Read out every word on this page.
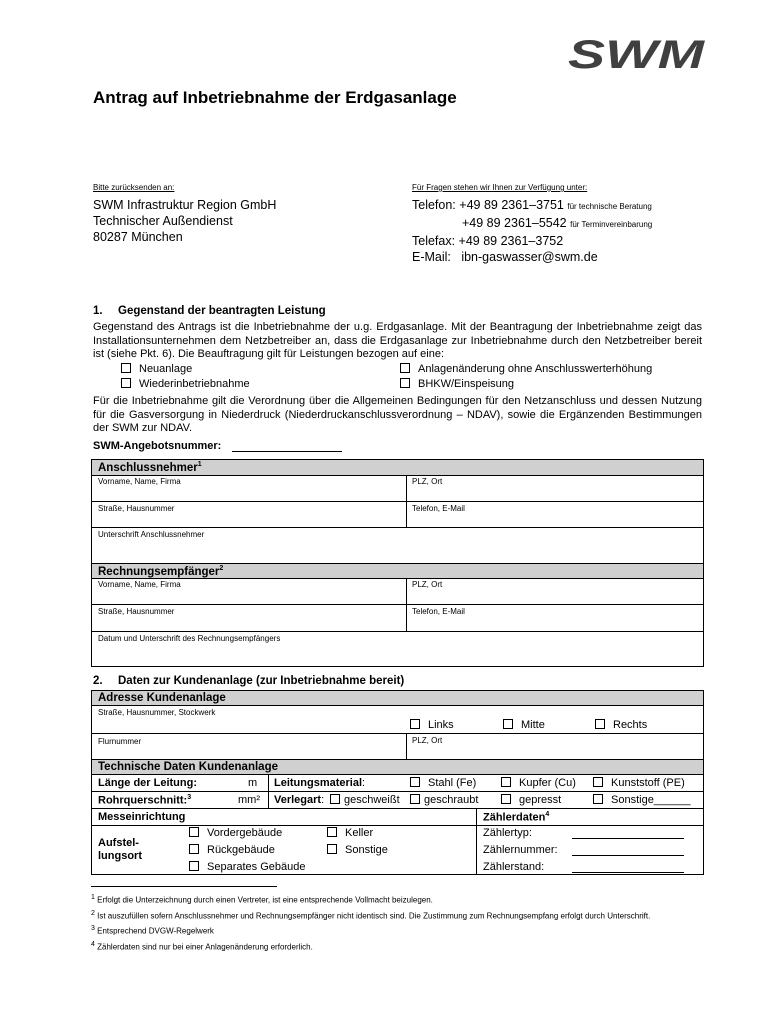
SWM
Antrag auf Inbetriebnahme der Erdgasanlage
Bitte zurücksenden an:	Für Fragen stehen wir Ihnen zur Verfügung unter:
SWM Infrastruktur Region GmbH
Technischer Außendienst
80287 München
Telefon: +49 89 2361–3751 für technische Beratung
+49 89 2361–5542 für Terminvereinbarung
Telefax: +49 89 2361–3752
E-Mail: ibn-gaswasser@swm.de
1. Gegenstand der beantragten Leistung
Gegenstand des Antrags ist die Inbetriebnahme der u.g. Erdgasanlage. Mit der Beantragung der Inbetriebnahme zeigt das Installationsunternehmen dem Netzbetreiber an, dass die Erdgasanlage zur Inbetriebnahme durch den Netzbetreiber bereit ist (siehe Pkt. 6). Die Beauftragung gilt für Leistungen bezogen auf eine:
Neuanlage	Anlagenänderung ohne Anschlusswerterhöhung
Wiederinbetriebnahme	BHKW/Einspeisung
Für die Inbetriebnahme gilt die Verordnung über die Allgemeinen Bedingungen für den Netzanschluss und dessen Nutzung für die Gasversorgung in Niederdruck (Niederdruckanschlussverordnung – NDAV), sowie die Ergänzenden Bestimmungen der SWM zur NDAV.
SWM-Angebotsnummer:
Anschlussnehmer$^1$
Vorname, Name, Firma	PLZ, Ort
Straße, Hausnummer	Telefon, E-Mail
Unterschrift Anschlussnehmer
Rechnungsempfänger$^2$
Vorname, Name, Firma	PLZ, Ort
Straße, Hausnummer	Telefon, E-Mail
Datum und Unterschrift des Rechnungsempfängers
2. Daten zur Kundenanlage (zur Inbetriebnahme bereit)
Adresse Kundenanlage
Straße, Hausnummer, Stockwerk
Links	Mitte	Rechts
Flurnummer	PLZ, Ort
Technische Daten Kundenanlage
Länge der Leitung:	m Leitungsmaterial:	Stahl (Fe)	Kupfer (Cu)	Kunststoff (PE)
Rohrquerschnitt:$^3$	mm² Verlegart:	geschweißt	geschraubt	gepresst	Sonstige______
Messeinrichtung	Zählerdaten$^4$
Aufstel-
lungsort
Vordergebäude	Keller
Rückgebäude	Sonstige
Separates Gebäude
Zählertyp:
Zählernummer:
Zählerstand:
$^1$ Erfolgt die Unterzeichnung durch einen Vertreter, ist eine entsprechende Vollmacht beizulegen.
$^2$ Ist auszufüllen sofern Anschlussnehmer und Rechnungsempfänger nicht identisch sind. Die Zustimmung zum Rechnungsempfang erfolgt durch Unterschrift.
$^3$ Entsprechend DVGW-Regelwerk
$^4$ Zählerdaten sind nur bei einer Anlagenänderung erforderlich.
